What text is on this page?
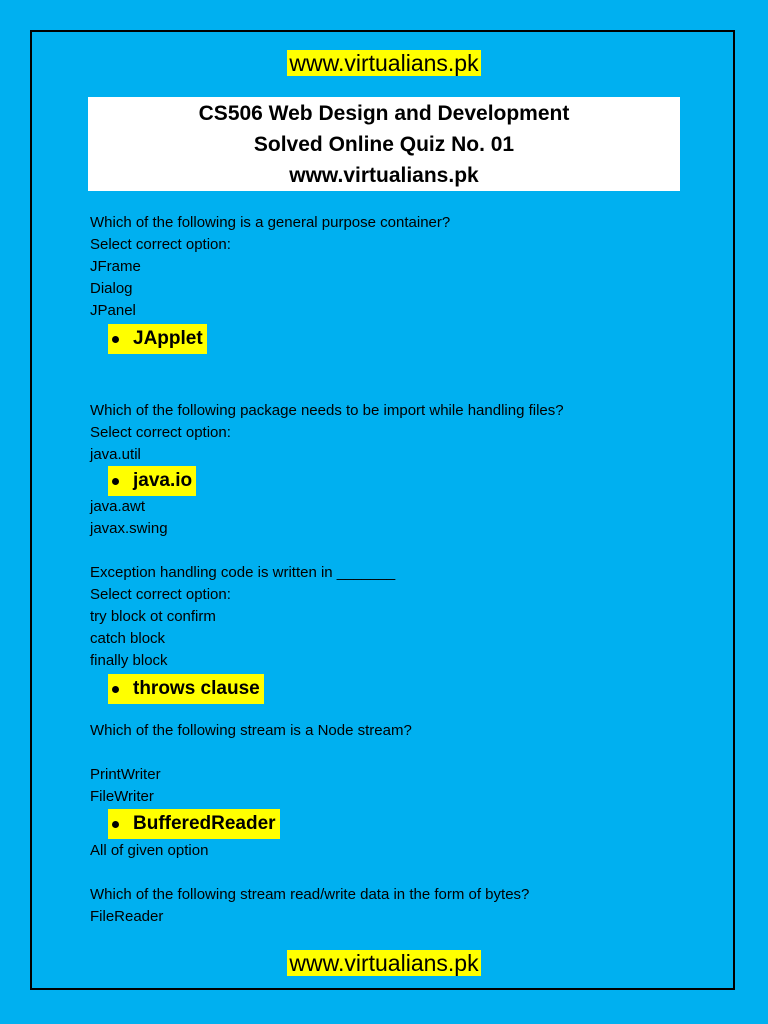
www.virtualians.pk
CS506 Web Design and Development
Solved Online Quiz No. 01
www.virtualians.pk
Which of the following is a general purpose container?
Select correct option:
JFrame
Dialog
JPanel
JApplet
Which of the following package needs to be import while handling files?
Select correct option:
java.util
java.io
java.awt
javax.swing
Exception handling code is written in _______
Select correct option:
try block ot confirm
catch block
finally block
throws clause
Which of the following stream is a Node stream?
PrintWriter
FileWriter
BufferedReader
All of given option
Which of the following stream read/write data in the form of bytes?
FileReader
www.virtualians.pk
